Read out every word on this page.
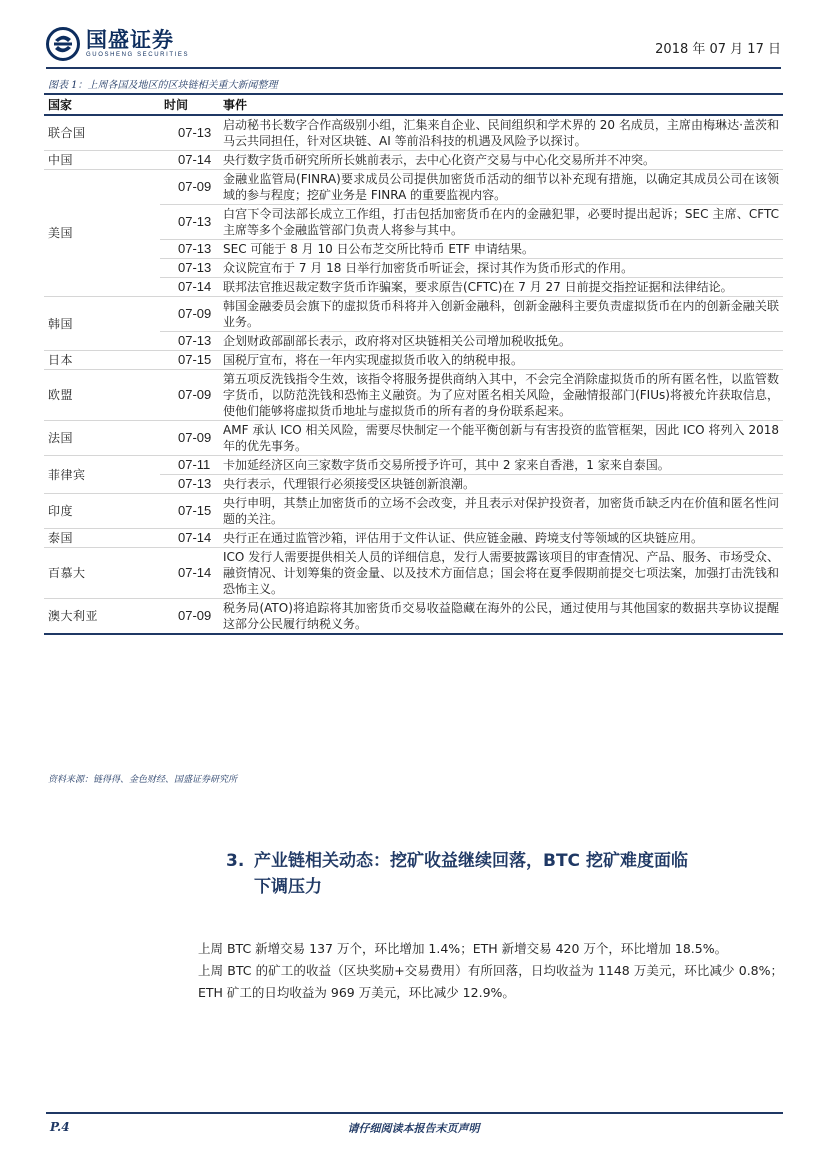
国盛证券
GUOSHENG SECURITIES	2018 年 07 月 17 日
图表 1：上周各国及地区的区块链相关重大新闻整理
国家	时间	事件
联合国	07-13	启动秘书长数字合作高级别小组，汇集来自企业、民间组织和学术界的 20 名成员，主席由梅琳达·盖茨和马云共同担任，针对区块链、AI 等前沿科技的机遇及风险予以探讨。
中国	07-14	央行数字货币研究所所长姚前表示，去中心化资产交易与中心化交易所并不冲突。
美国	07-09	金融业监管局(FINRA)要求成员公司提供加密货币活动的细节以补充现有措施，以确定其成员公司在该领域的参与程度；挖矿业务是 FINRA 的重要监视内容。
	07-13	白宫下令司法部长成立工作组，打击包括加密货币在内的金融犯罪，必要时提出起诉；SEC 主席、CFTC 主席等多个金融监管部门负责人将参与其中。
	07-13	SEC 可能于 8 月 10 日公布芝交所比特币 ETF 申请结果。
	07-13	众议院宣布于 7 月 18 日举行加密货币听证会，探讨其作为货币形式的作用。
	07-14	联邦法官推迟裁定数字货币诈骗案，要求原告(CFTC)在 7 月 27 日前提交指控证据和法律结论。
韩国	07-09	韩国金融委员会旗下的虚拟货币科将并入创新金融科，创新金融科主要负责虚拟货币在内的创新金融关联业务。
	07-13	企划财政部副部长表示，政府将对区块链相关公司增加税收抵免。
日本	07-15	国税厅宣布，将在一年内实现虚拟货币收入的纳税申报。
欧盟	07-09	第五项反洗钱指令生效，该指令将服务提供商纳入其中，不会完全消除虚拟货币的所有匿名性，以监管数字货币，以防范洗钱和恐怖主义融资。为了应对匿名相关风险，金融情报部门(FIUs)将被允许获取信息，使他们能够将虚拟货币地址与虚拟货币的所有者的身份联系起来。
法国	07-09	AMF 承认 ICO 相关风险，需要尽快制定一个能平衡创新与有害投资的监管框架，因此 ICO 将列入 2018 年的优先事务。
菲律宾	07-11	卡加延经济区向三家数字货币交易所授予许可，其中 2 家来自香港，1 家来自泰国。
	07-13	央行表示，代理银行必须接受区块链创新浪潮。
印度	07-15	央行申明，其禁止加密货币的立场不会改变，并且表示对保护投资者，加密货币缺乏内在价值和匿名性问题的关注。
泰国	07-14	央行正在通过监管沙箱，评估用于文件认证、供应链金融、跨境支付等领域的区块链应用。
百慕大	07-14	ICO 发行人需要提供相关人员的详细信息，发行人需要披露该项目的审查情况、产品、服务、市场受众、融资情况、计划筹集的资金量、以及技术方面信息；国会将在夏季假期前提交七项法案，加强打击洗钱和恐怖主义。
澳大利亚	07-09	税务局(ATO)将追踪将其加密货币交易收益隐藏在海外的公民，通过使用与其他国家的数据共享协议提醒这部分公民履行纳税义务。
资料来源：链得得、金色财经、国盛证券研究所
3. 产业链相关动态：挖矿收益继续回落，BTC 挖矿难度面临
下调压力

上周 BTC 新增交易 137 万个，环比增加 1.4%；ETH 新增交易 420 万个，环比增加 18.5%。

上周 BTC 的矿工的收益（区块奖励+交易费用）有所回落，日均收益为 1148 万美元，环比减少 0.8%； ETH 矿工的日均收益为 969 万美元，环比减少 12.9%。

P.4	请仔细阅读本报告末页声明
